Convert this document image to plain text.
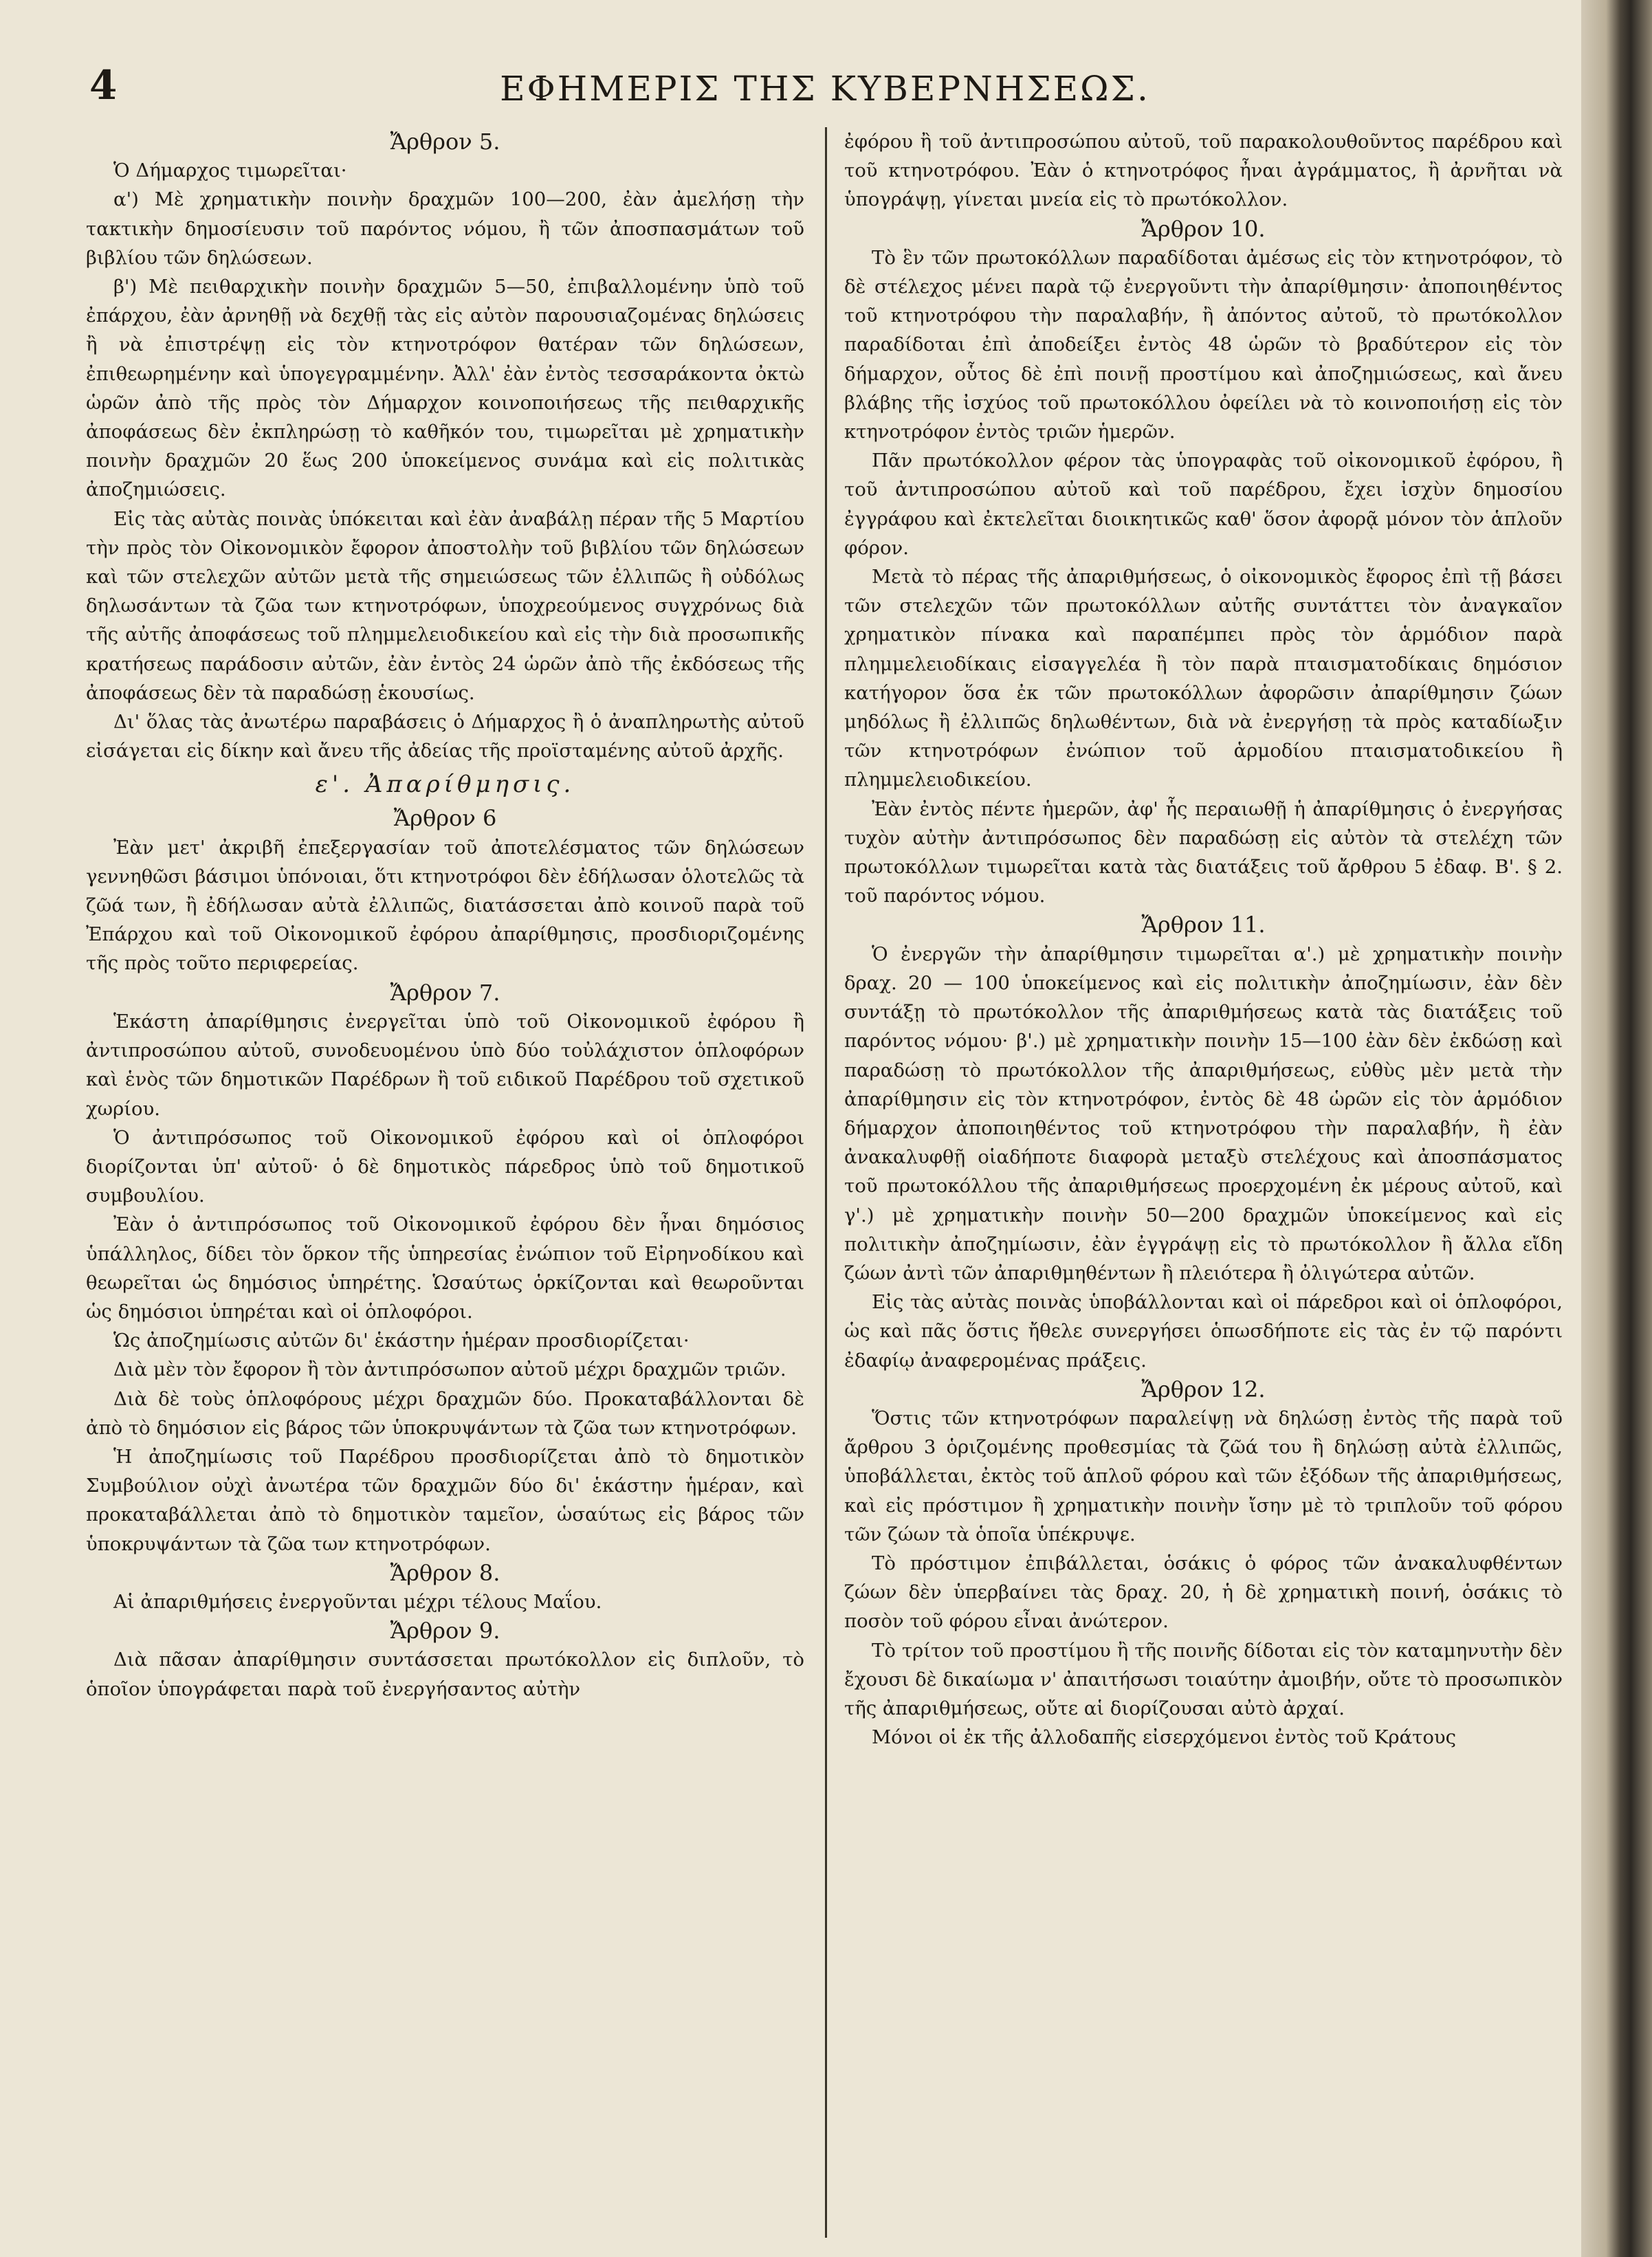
4	ΕΦΗΜΕΡΙΣ ΤΗΣ ΚΥΒΕΡΝΗΣΕΩΣ.
Ἄρθρον 5.

Ὁ Δήμαρχος τιμωρεῖται·

α') Μὲ χρηματικὴν ποινὴν δραχμῶν 100—200, ἐὰν ἀμελήσῃ τὴν τακτικὴν δημοσίευσιν τοῦ παρόντος νόμου, ἢ τῶν ἀποσπασμάτων τοῦ βιβλίου τῶν δηλώσεων.

β') Μὲ πειθαρχικὴν ποινὴν δραχμῶν 5—50, ἐπιβαλλομένην ὑπὸ τοῦ ἐπάρχου, ἐὰν ἀρνηθῇ νὰ δεχθῇ τὰς εἰς αὐτὸν παρουσιαζομένας δηλώσεις ἢ νὰ ἐπιστρέψῃ εἰς τὸν κτηνοτρόφον θατέραν τῶν δηλώσεων, ἐπιθεωρημένην καὶ ὑπογεγραμμένην. Ἀλλ' ἐὰν ἐντὸς τεσσαράκοντα ὀκτὼ ὡρῶν ἀπὸ τῆς πρὸς τὸν Δήμαρχον κοινοποιήσεως τῆς πειθαρχικῆς ἀποφάσεως δὲν ἐκπληρώσῃ τὸ καθῆκόν του, τιμωρεῖται μὲ χρηματικὴν ποινὴν δραχμῶν 20 ἕως 200 ὑποκείμενος συνάμα καὶ εἰς πολιτικὰς ἀποζημιώσεις.

Εἰς τὰς αὐτὰς ποινὰς ὑπόκειται καὶ ἐὰν ἀναβάλῃ πέραν τῆς 5 Μαρτίου τὴν πρὸς τὸν Οἰκονομικὸν ἔφορον ἀποστολὴν τοῦ βιβλίου τῶν δηλώσεων καὶ τῶν στελεχῶν αὐτῶν μετὰ τῆς σημειώσεως τῶν ἐλλιπῶς ἢ οὐδόλως δηλωσάντων τὰ ζῶα των κτηνοτρόφων, ὑποχρεούμενος συγχρόνως διὰ τῆς αὐτῆς ἀποφάσεως τοῦ πλημμελειοδικείου καὶ εἰς τὴν διὰ προσωπικῆς κρατήσεως παράδοσιν αὐτῶν, ἐὰν ἐντὸς 24 ὡρῶν ἀπὸ τῆς ἐκδόσεως τῆς ἀποφάσεως δὲν τὰ παραδώσῃ ἑκουσίως.

Δι' ὅλας τὰς ἀνωτέρω παραβάσεις ὁ Δήμαρχος ἢ ὁ ἀναπληρωτὴς αὐτοῦ εἰσάγεται εἰς δίκην καὶ ἄνευ τῆς ἀδείας τῆς προϊσταμένης αὐτοῦ ἀρχῆς.

ε'. Ἀπαρίθμησις.
Ἄρθρον 6

Ἐὰν μετ' ἀκριβῆ ἐπεξεργασίαν τοῦ ἀποτελέσματος τῶν δηλώσεων γεννηθῶσι βάσιμοι ὑπόνοιαι, ὅτι κτηνοτρόφοι δὲν ἐδήλωσαν ὁλοτελῶς τὰ ζῶά των, ἢ ἐδήλωσαν αὐτὰ ἐλλιπῶς, διατάσσεται ἀπὸ κοινοῦ παρὰ τοῦ Ἐπάρχου καὶ τοῦ Οἰκονομικοῦ ἐφόρου ἀπαρίθμησις, προσδιοριζομένης τῆς πρὸς τοῦτο περιφερείας.

Ἄρθρον 7.

Ἑκάστη ἀπαρίθμησις ἐνεργεῖται ὑπὸ τοῦ Οἰκονομικοῦ ἐφόρου ἢ ἀντιπροσώπου αὐτοῦ, συνοδευομένου ὑπὸ δύο τοὐλάχιστον ὁπλοφόρων καὶ ἑνὸς τῶν δημοτικῶν Παρέδρων ἢ τοῦ ειδικοῦ Παρέδρου τοῦ σχετικοῦ χωρίου.

Ὁ ἀντιπρόσωπος τοῦ Οἰκονομικοῦ ἐφόρου καὶ οἱ ὁπλοφόροι διορίζονται ὑπ' αὐτοῦ· ὁ δὲ δημοτικὸς πάρεδρος ὑπὸ τοῦ δημοτικοῦ συμβουλίου.

Ἐὰν ὁ ἀντιπρόσωπος τοῦ Οἰκονομικοῦ ἐφόρου δὲν ἦναι δημόσιος ὑπάλληλος, δίδει τὸν ὅρκον τῆς ὑπηρεσίας ἐνώπιον τοῦ Εἰρηνοδίκου καὶ θεωρεῖται ὡς δημόσιος ὑπηρέτης. Ὡσαύτως ὁρκίζονται καὶ θεωροῦνται ὡς δημόσιοι ὑπηρέται καὶ οἱ ὁπλοφόροι.

Ὡς ἀποζημίωσις αὐτῶν δι' ἑκάστην ἡμέραν προσδιορίζεται·

Διὰ μὲν τὸν ἔφορον ἢ τὸν ἀντιπρόσωπον αὐτοῦ μέχρι δραχμῶν τριῶν.

Διὰ δὲ τοὺς ὁπλοφόρους μέχρι δραχμῶν δύο. Προκαταβάλλονται δὲ ἀπὸ τὸ δημόσιον εἰς βάρος τῶν ὑποκρυψάντων τὰ ζῶα των κτηνοτρόφων.

Ἡ ἀποζημίωσις τοῦ Παρέδρου προσδιορίζεται ἀπὸ τὸ δημοτικὸν Συμβούλιον οὐχὶ ἀνωτέρα τῶν δραχμῶν δύο δι' ἑκάστην ἡμέραν, καὶ προκαταβάλλεται ἀπὸ τὸ δημοτικὸν ταμεῖον, ὡσαύτως εἰς βάρος τῶν ὑποκρυψάντων τὰ ζῶα των κτηνοτρόφων.

Ἄρθρον 8.

Αἱ ἀπαριθμήσεις ἐνεργοῦνται μέχρι τέλους Μαΐου.

Ἄρθρον 9.

Διὰ πᾶσαν ἀπαρίθμησιν συντάσσεται πρωτόκολλον εἰς διπλοῦν, τὸ ὁποῖον ὑπογράφεται παρὰ τοῦ ἐνεργήσαντος αὐτὴν

ἐφόρου ἢ τοῦ ἀντιπροσώπου αὐτοῦ, τοῦ παρακολουθοῦντος παρέδρου καὶ τοῦ κτηνοτρόφου. Ἐὰν ὁ κτηνοτρόφος ἦναι ἀγράμματος, ἢ ἀρνῆται νὰ ὑπογράψῃ, γίνεται μνεία εἰς τὸ πρωτόκολλον.

Ἄρθρον 10.

Τὸ ἓν τῶν πρωτοκόλλων παραδίδοται ἀμέσως εἰς τὸν κτηνοτρόφον, τὸ δὲ στέλεχος μένει παρὰ τῷ ἐνεργοῦντι τὴν ἀπαρίθμησιν· ἀποποιηθέντος τοῦ κτηνοτρόφου τὴν παραλαβήν, ἢ ἀπόντος αὐτοῦ, τὸ πρωτόκολλον παραδίδοται ἐπὶ ἀποδείξει ἐντὸς 48 ὡρῶν τὸ βραδύτερον εἰς τὸν δήμαρχον, οὗτος δὲ ἐπὶ ποινῇ προστίμου καὶ ἀποζημιώσεως, καὶ ἄνευ βλάβης τῆς ἰσχύος τοῦ πρωτοκόλλου ὀφείλει νὰ τὸ κοινοποιήσῃ εἰς τὸν κτηνοτρόφον ἐντὸς τριῶν ἡμερῶν.

Πᾶν πρωτόκολλον φέρον τὰς ὑπογραφὰς τοῦ οἰκονομικοῦ ἐφόρου, ἢ τοῦ ἀντιπροσώπου αὐτοῦ καὶ τοῦ παρέδρου, ἔχει ἰσχὺν δημοσίου ἐγγράφου καὶ ἐκτελεῖται διοικητικῶς καθ' ὅσον ἀφορᾷ μόνον τὸν ἁπλοῦν φόρον.

Μετὰ τὸ πέρας τῆς ἀπαριθμήσεως, ὁ οἰκονομικὸς ἔφορος ἐπὶ τῇ βάσει τῶν στελεχῶν τῶν πρωτοκόλλων αὐτῆς συντάττει τὸν ἀναγκαῖον χρηματικὸν πίνακα καὶ παραπέμπει πρὸς τὸν ἁρμόδιον παρὰ πλημμελειοδίκαις εἰσαγγελέα ἢ τὸν παρὰ πταισματοδίκαις δημόσιον κατήγορον ὅσα ἐκ τῶν πρωτοκόλλων ἀφορῶσιν ἀπαρίθμησιν ζώων μηδόλως ἢ ἐλλιπῶς δηλωθέντων, διὰ νὰ ἐνεργήσῃ τὰ πρὸς καταδίωξιν τῶν κτηνοτρόφων ἐνώπιον τοῦ ἁρμοδίου πταισματοδικείου ἢ πλημμελειοδικείου.

Ἐὰν ἐντὸς πέντε ἡμερῶν, ἀφ' ἧς περαιωθῇ ἡ ἀπαρίθμησις ὁ ἐνεργήσας τυχὸν αὐτὴν ἀντιπρόσωπος δὲν παραδώσῃ εἰς αὐτὸν τὰ στελέχη τῶν πρωτοκόλλων τιμωρεῖται κατὰ τὰς διατάξεις τοῦ ἄρθρου 5 ἐδαφ. Β'. § 2. τοῦ παρόντος νόμου.

Ἄρθρον 11.

Ὁ ἐνεργῶν τὴν ἀπαρίθμησιν τιμωρεῖται α'.) μὲ χρηματικὴν ποινὴν δραχ. 20 — 100 ὑποκείμενος καὶ εἰς πολιτικὴν ἀποζημίωσιν, ἐὰν δὲν συντάξῃ τὸ πρωτόκολλον τῆς ἀπαριθμήσεως κατὰ τὰς διατάξεις τοῦ παρόντος νόμου· β'.) μὲ χρηματικὴν ποινὴν 15—100 ἐὰν δὲν ἐκδώσῃ καὶ παραδώσῃ τὸ πρωτόκολλον τῆς ἀπαριθμήσεως, εὐθὺς μὲν μετὰ τὴν ἀπαρίθμησιν εἰς τὸν κτηνοτρόφον, ἐντὸς δὲ 48 ὡρῶν εἰς τὸν ἁρμόδιον δήμαρχον ἀποποιηθέντος τοῦ κτηνοτρόφου τὴν παραλαβήν, ἢ ἐὰν ἀνακαλυφθῇ οἱαδήποτε διαφορὰ μεταξὺ στελέχους καὶ ἀποσπάσματος τοῦ πρωτοκόλλου τῆς ἀπαριθμήσεως προερχομένη ἐκ μέρους αὐτοῦ, καὶ γ'.) μὲ χρηματικὴν ποινὴν 50—200 δραχμῶν ὑποκείμενος καὶ εἰς πολιτικὴν ἀποζημίωσιν, ἐὰν ἐγγράψῃ εἰς τὸ πρωτόκολλον ἢ ἄλλα εἴδη ζώων ἀντὶ τῶν ἀπαριθμηθέντων ἢ πλειότερα ἢ ὀλιγώτερα αὐτῶν.

Εἰς τὰς αὐτὰς ποινὰς ὑποβάλλονται καὶ οἱ πάρεδροι καὶ οἱ ὁπλοφόροι, ὡς καὶ πᾶς ὅστις ἤθελε συνεργήσει ὁπωσδήποτε εἰς τὰς ἐν τῷ παρόντι ἐδαφίῳ ἀναφερομένας πράξεις.

Ἄρθρον 12.

Ὅστις τῶν κτηνοτρόφων παραλείψῃ νὰ δηλώσῃ ἐντὸς τῆς παρὰ τοῦ ἄρθρου 3 ὁριζομένης προθεσμίας τὰ ζῶά του ἢ δηλώσῃ αὐτὰ ἐλλιπῶς, ὑποβάλλεται, ἐκτὸς τοῦ ἁπλοῦ φόρου καὶ τῶν ἐξόδων τῆς ἀπαριθμήσεως, καὶ εἰς πρόστιμον ἢ χρηματικὴν ποινὴν ἴσην μὲ τὸ τριπλοῦν τοῦ φόρου τῶν ζώων τὰ ὁποῖα ὑπέκρυψε.

Τὸ πρόστιμον ἐπιβάλλεται, ὁσάκις ὁ φόρος τῶν ἀνακαλυφθέντων ζώων δὲν ὑπερβαίνει τὰς δραχ. 20, ἡ δὲ χρηματικὴ ποινή, ὁσάκις τὸ ποσὸν τοῦ φόρου εἶναι ἀνώτερον.

Τὸ τρίτον τοῦ προστίμου ἢ τῆς ποινῆς δίδοται εἰς τὸν καταμηνυτὴν δὲν ἔχουσι δὲ δικαίωμα ν' ἀπαιτήσωσι τοιαύτην ἀμοιβήν, οὔτε τὸ προσωπικὸν τῆς ἀπαριθμήσεως, οὔτε αἱ διορίζουσαι αὐτὸ ἀρχαί.

Μόνοι οἱ ἐκ τῆς ἀλλοδαπῆς εἰσερχόμενοι ἐντὸς τοῦ Κράτους
